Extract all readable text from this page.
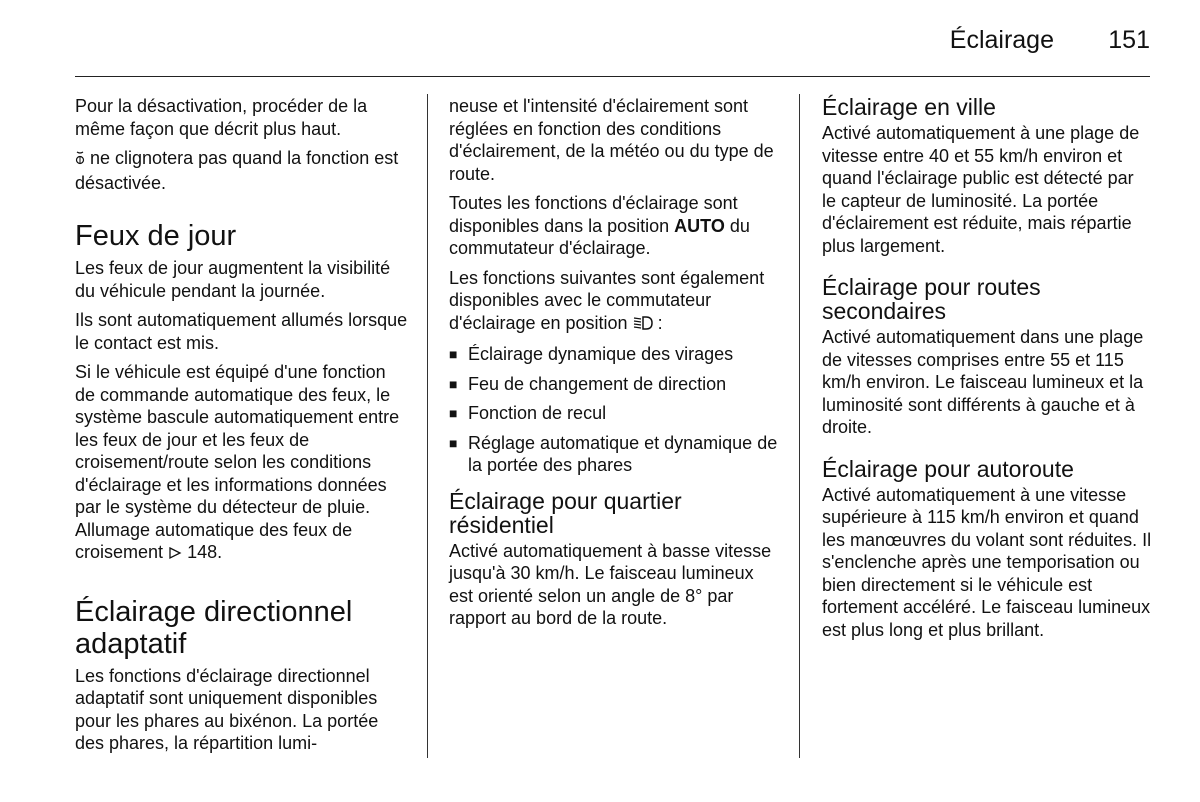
Éclairage 151

Pour la désactivation, procéder de la même façon que décrit plus haut.

ne clignotera pas quand la fonction est désactivée.

Feux de jour

Les feux de jour augmentent la visibilité du véhicule pendant la journée.

Ils sont automatiquement allumés lorsque le contact est mis.

Si le véhicule est équipé d'une fonction de commande automatique des feux, le système bascule automatiquement entre les feux de jour et les feux de croisement/route selon les conditions d'éclairage et les informations données par le système du détecteur de pluie. Allumage automatique des feux de croisement 148.

Éclairage directionnel adaptatif

Les fonctions d'éclairage directionnel adaptatif sont uniquement disponibles pour les phares au bixénon. La portée des phares, la répartition lumi-

neuse et l'intensité d'éclairement sont réglées en fonction des conditions d'éclairement, de la météo ou du type de route.

Toutes les fonctions d'éclairage sont disponibles dans la position AUTO du commutateur d'éclairage.

Les fonctions suivantes sont également disponibles avec le commutateur d'éclairage en position :

■ Éclairage dynamique des virages
■ Feu de changement de direction
■ Fonction de recul
■ Réglage automatique et dynamique de la portée des phares
Éclairage pour quartier résidentiel

Activé automatiquement à basse vitesse jusqu'à 30 km/h. Le faisceau lumineux est orienté selon un angle de 8° par rapport au bord de la route.

Éclairage en ville

Activé automatiquement à une plage de vitesse entre 40 et 55 km/h environ et quand l'éclairage public est détecté par le capteur de luminosité. La portée d'éclairement est réduite, mais répartie plus largement.

Éclairage pour routes secondaires

Activé automatiquement dans une plage de vitesses comprises entre 55 et 115 km/h environ. Le faisceau lumineux et la luminosité sont différents à gauche et à droite.

Éclairage pour autoroute

Activé automatiquement à une vitesse supérieure à 115 km/h environ et quand les manœuvres du volant sont réduites. Il s'enclenche après une temporisation ou bien directement si le véhicule est fortement accéléré. Le faisceau lumineux est plus long et plus brillant.
